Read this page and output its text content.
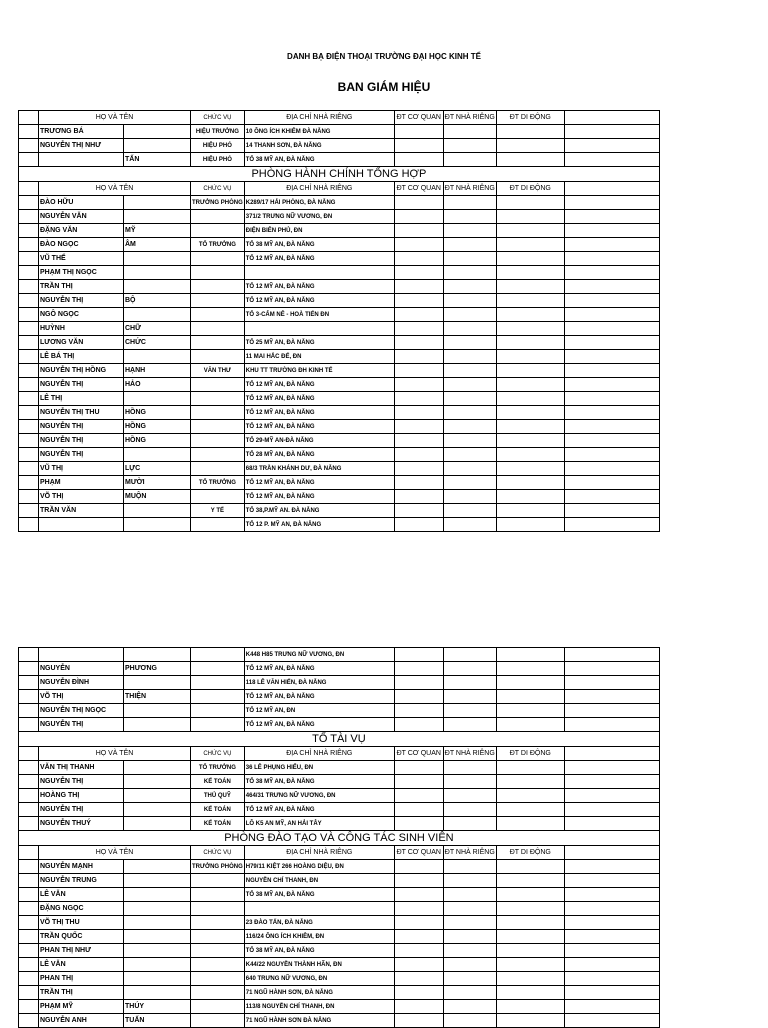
DANH BẠ ĐIỆN THOẠI TRƯỜNG ĐẠI HỌC KINH TẾ
BAN GIÁM HIỆU
	HỌ VÀ TÊN		CHỨC VỤ	ĐỊA CHỈ NHÀ RIÊNG	ĐT CƠ QUAN	ĐT NHÀ RIÊNG	ĐT DI ĐỘNG	
	TRƯƠNG BÁ		HIỆU TRƯỞNG	10 ÔNG ÍCH KHIÊM ĐÀ NẴNG				
	NGUYỄN THỊ NHƯ		HIỆU PHÓ	14 THANH SƠN, ĐÀ NẴNG				
		TẤN	HIỆU PHÓ	TỔ 38 MỸ AN, ĐÀ NẴNG				
PHÒNG HÀNH CHÍNH TỔNG HỢP								
	HỌ VÀ TÊN		CHỨC VỤ	ĐỊA CHỈ NHÀ RIÊNG	ĐT CƠ QUAN	ĐT NHÀ RIÊNG	ĐT DI ĐỘNG	
	ĐÀO HỮU		TRƯỞNG PHÒNG	K289/17 HẢI PHÒNG, ĐÀ NẴNG				
	NGUYỄN VĂN			371/2 TRƯNG NỮ VƯƠNG, ĐN				
	ĐẶNG VĂN	MỸ		ĐIỆN BIÊN PHỦ, ĐN				
	ĐÀO NGỌC	ÂM	TỔ TRƯỞNG	TỔ 38 MỸ AN, ĐÀ NẴNG				
	VŨ THẾ			TỔ 12 MỸ AN, ĐÀ NẴNG				
	PHẠM THỊ NGỌC							
	TRẦN THỊ			TỔ 12 MỸ AN, ĐÀ NẴNG				
	NGUYỄN THỊ	BỘ		TỔ 12 MỸ AN, ĐÀ NẴNG				
	NGÔ NGỌC			TỔ 3-CẨM NÊ - HOÀ TIẾN ĐN				
	HUỲNH	CHỮ						
	LƯƠNG VĂN	CHỨC		TỔ 25 MỸ AN, ĐÀ NẴNG				
	LÊ BÁ THỊ			11 MAI HẮC ĐẾ, ĐN				
	NGUYỄN THỊ HỒNG	HẠNH	VĂN THƯ	KHU TT TRƯỜNG ĐH KINH TẾ				
	NGUYỄN THỊ	HẢO		TỔ 12 MỸ AN, ĐÀ NẴNG				
	LÊ THỊ			TỔ 12 MỸ AN, ĐÀ NẴNG				
	NGUYỄN THỊ THU	HỒNG		TỔ 12 MỸ AN, ĐÀ NẴNG				
	NGUYỄN THỊ	HỒNG		TỔ 12 MỸ AN, ĐÀ NẴNG				
	NGUYỄN THỊ	HỒNG		TỔ 29-MỸ AN-ĐÀ NẴNG				
	NGUYỄN THỊ			TỔ 28 MỸ AN, ĐÀ NẴNG				
	VŨ THỊ	LỰC		68/3 TRẦN KHÁNH DƯ, ĐÀ NẴNG				
	PHẠM	MƯỜI	TỔ TRƯỞNG	TỔ 12 MỸ AN, ĐÀ NẴNG				
	VÕ THỊ	MUỘN		TỔ 12 MỸ AN, ĐÀ NẴNG				
	TRẦN VĂN		Y TẾ	TỔ 38,P.MỸ AN. ĐÀ NẴNG				
				TỔ 12 P. MỸ AN, ĐÀ NẴNG				
				K448 H85 TRƯNG NỮ VƯƠNG, ĐN				
	NGUYỄN	PHƯƠNG		TỔ 12 MỸ AN, ĐÀ NẴNG				
	NGUYỄN ĐÌNH			118 LÊ VĂN HIẾN, ĐÀ NẴNG				
	VÕ THỊ	THIỆN		TỔ 12 MỸ AN, ĐÀ NẴNG				
	NGUYỄN THỊ NGỌC			TỔ 12 MỸ AN, ĐN				
	NGUYỄN THỊ			TỔ 12 MỸ AN, ĐÀ NẴNG				
TỔ TÀI VỤ								
	HỌ VÀ TÊN		CHỨC VỤ	ĐỊA CHỈ NHÀ RIÊNG	ĐT CƠ QUAN	ĐT NHÀ RIÊNG	ĐT DI ĐỘNG	
	VĂN THỊ THANH		TỔ TRƯỞNG	36 LÊ PHỤNG HIỂU, ĐN				
	NGUYỄN THỊ		KẾ TOÁN	TỔ 38 MỸ AN, ĐÀ NẴNG				
	HOÀNG THỊ		THỦ QUỸ	464/31 TRƯNG NỮ VƯƠNG, ĐN				
	NGUYỄN THỊ		KẾ TOÁN	TỔ 12 MỸ AN, ĐÀ NẴNG				
	NGUYỄN THUÝ		KẾ TOÁN	LÔ K5 AN MỸ, AN HẢI TÂY				
PHÒNG ĐÀO TẠO VÀ CÔNG TÁC SINH VIÊN								
	HỌ VÀ TÊN		CHỨC VỤ	ĐỊA CHỈ NHÀ RIÊNG	ĐT CƠ QUAN	ĐT NHÀ RIÊNG	ĐT DI ĐỘNG	
	NGUYỄN MẠNH		TRƯỞNG PHÒNG	H79/11 KIỆT 266 HOÀNG DIỆU, ĐN				
	NGUYỄN TRUNG			NGUYỄN CHÍ THANH, ĐN				
	LÊ VĂN			TỔ 38 MỸ AN, ĐÀ NẴNG				
	ĐẶNG NGỌC							
	VÕ THỊ THU			23 ĐÀO TẤN, ĐÀ NẴNG				
	TRẦN QUỐC			116/24 ÔNG ÍCH KHIÊM, ĐN				
	PHAN THỊ NHƯ			TỔ 38 MỸ AN, ĐÀ NẴNG				
	LÊ VĂN			K44/22 NGUYỄN THÀNH HÃN, ĐN				
	PHAN THỊ			640 TRƯNG NỮ VƯƠNG, ĐN				
	TRẦN THỊ			71 NGŨ HÀNH SƠN, ĐÀ NẴNG				
	PHẠM MỸ	THÚY		113/8 NGUYỄN CHÍ THANH, ĐN				
	NGUYỄN ANH	TUẤN		71 NGŨ HÀNH SƠN ĐÀ NẴNG				
